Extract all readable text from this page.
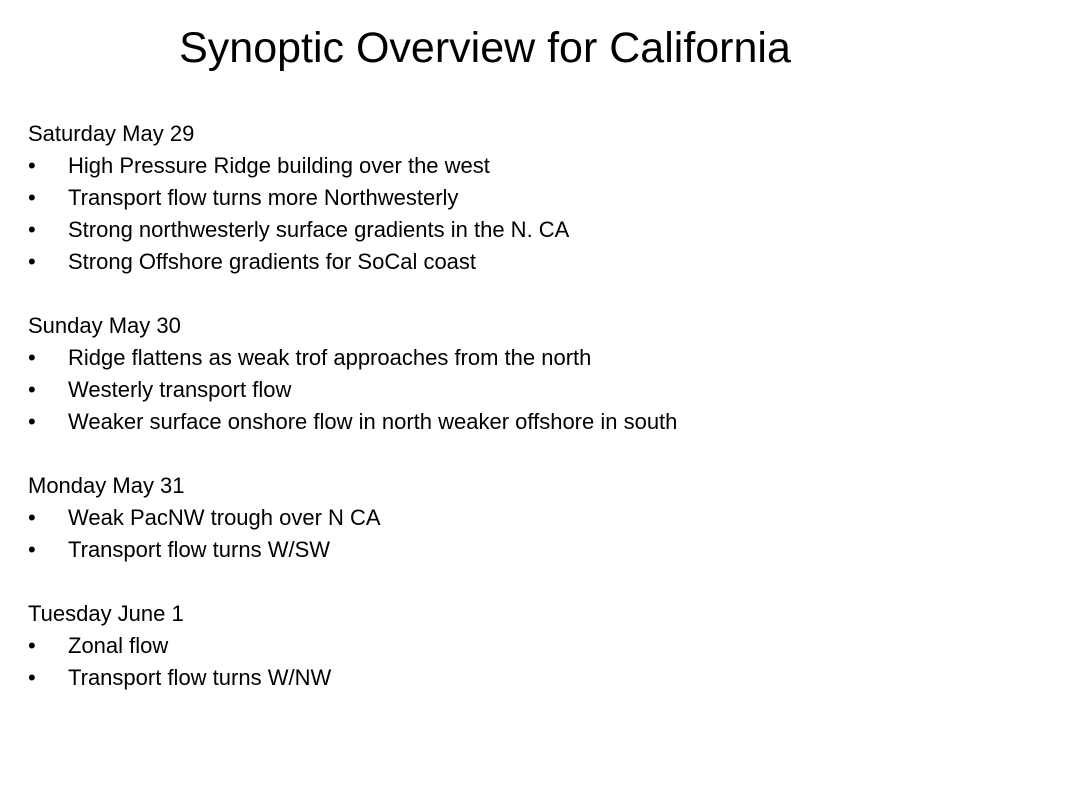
Synoptic Overview for California
Saturday May 29
• High Pressure Ridge building over the west
• Transport flow turns more Northwesterly
• Strong northwesterly surface gradients in the N. CA
• Strong Offshore gradients for SoCal coast
Sunday May 30
• Ridge flattens as weak trof approaches from the north
• Westerly transport flow
• Weaker surface onshore flow in north weaker offshore in south
Monday May 31
• Weak PacNW trough over N CA
• Transport flow turns W/SW
Tuesday June 1
• Zonal flow
• Transport flow turns W/NW
